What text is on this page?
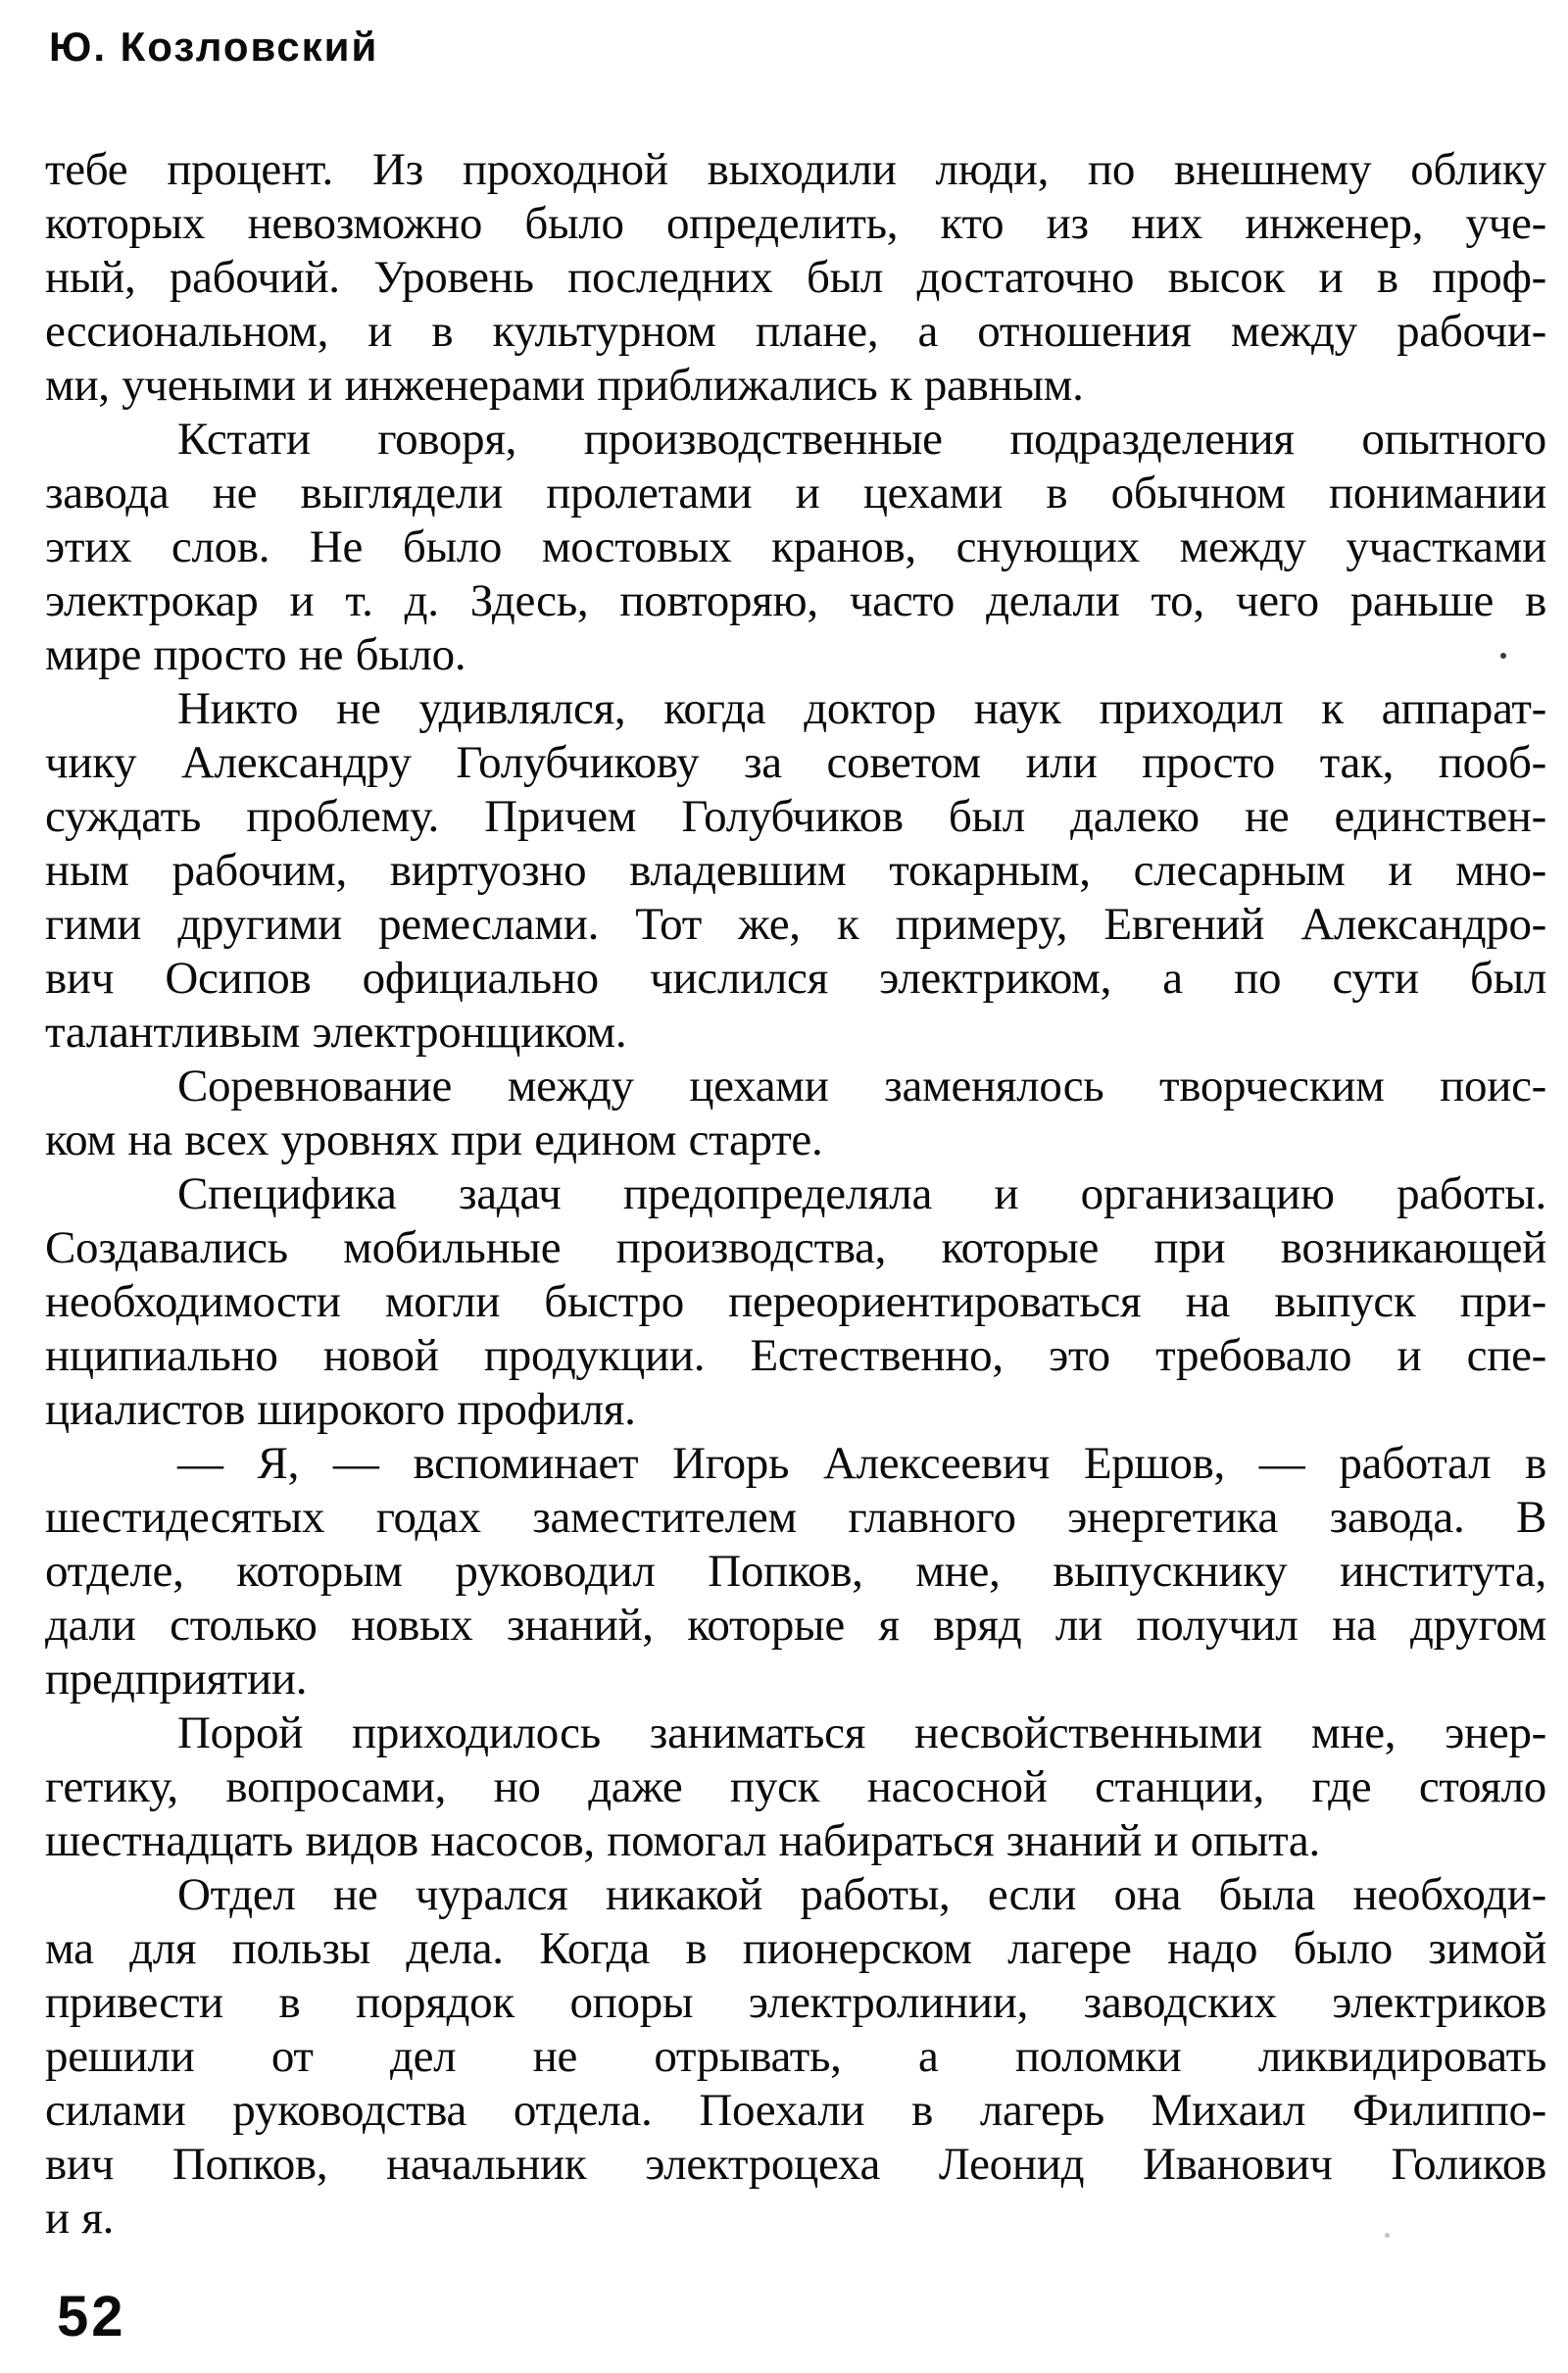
Ю. Козловский
тебе процент. Из проходной выходили люди, по внешнему облику
которых невозможно было определить, кто из них инженер, уче-
ный, рабочий. Уровень последних был достаточно высок и в проф-
ессиональном, и в культурном плане, а отношения между рабочи-
ми, учеными и инженерами приближались к равным.
Кстати говоря, производственные подразделения опытного
завода не выглядели пролетами и цехами в обычном понимании
этих слов. Не было мостовых кранов, снующих между участками
электрокар и т. д. Здесь, повторяю, часто делали то, чего раньше в
мире просто не было.
Никто не удивлялся, когда доктор наук приходил к аппарат-
чику Александру Голубчикову за советом или просто так, пооб-
суждать проблему. Причем Голубчиков был далеко не единствен-
ным рабочим, виртуозно владевшим токарным, слесарным и мно-
гими другими ремеслами. Тот же, к примеру, Евгений Александро-
вич Осипов официально числился электриком, а по сути был
талантливым электронщиком.
Соревнование между цехами заменялось творческим поис-
ком на всех уровнях при едином старте.
Специфика задач предопределяла и организацию работы.
Создавались мобильные производства, которые при возникающей
необходимости могли быстро переориентироваться на выпуск при-
нципиально новой продукции. Естественно, это требовало и спе-
циалистов широкого профиля.
— Я, — вспоминает Игорь Алексеевич Ершов, — работал в
шестидесятых годах заместителем главного энергетика завода. В
отделе, которым руководил Попков, мне, выпускнику института,
дали столько новых знаний, которые я вряд ли получил на другом
предприятии.
Порой приходилось заниматься несвойственными мне, энер-
гетику, вопросами, но даже пуск насосной станции, где стояло
шестнадцать видов насосов, помогал набираться знаний и опыта.
Отдел не чурался никакой работы, если она была необходи-
ма для пользы дела. Когда в пионерском лагере надо было зимой
привести в порядок опоры электролинии, заводских электриков
решили от дел не отрывать, а поломки ликвидировать
силами руководства отдела. Поехали в лагерь Михаил Филиппо-
вич Попков, начальник электроцеха Леонид Иванович Голиков
и я.
52
